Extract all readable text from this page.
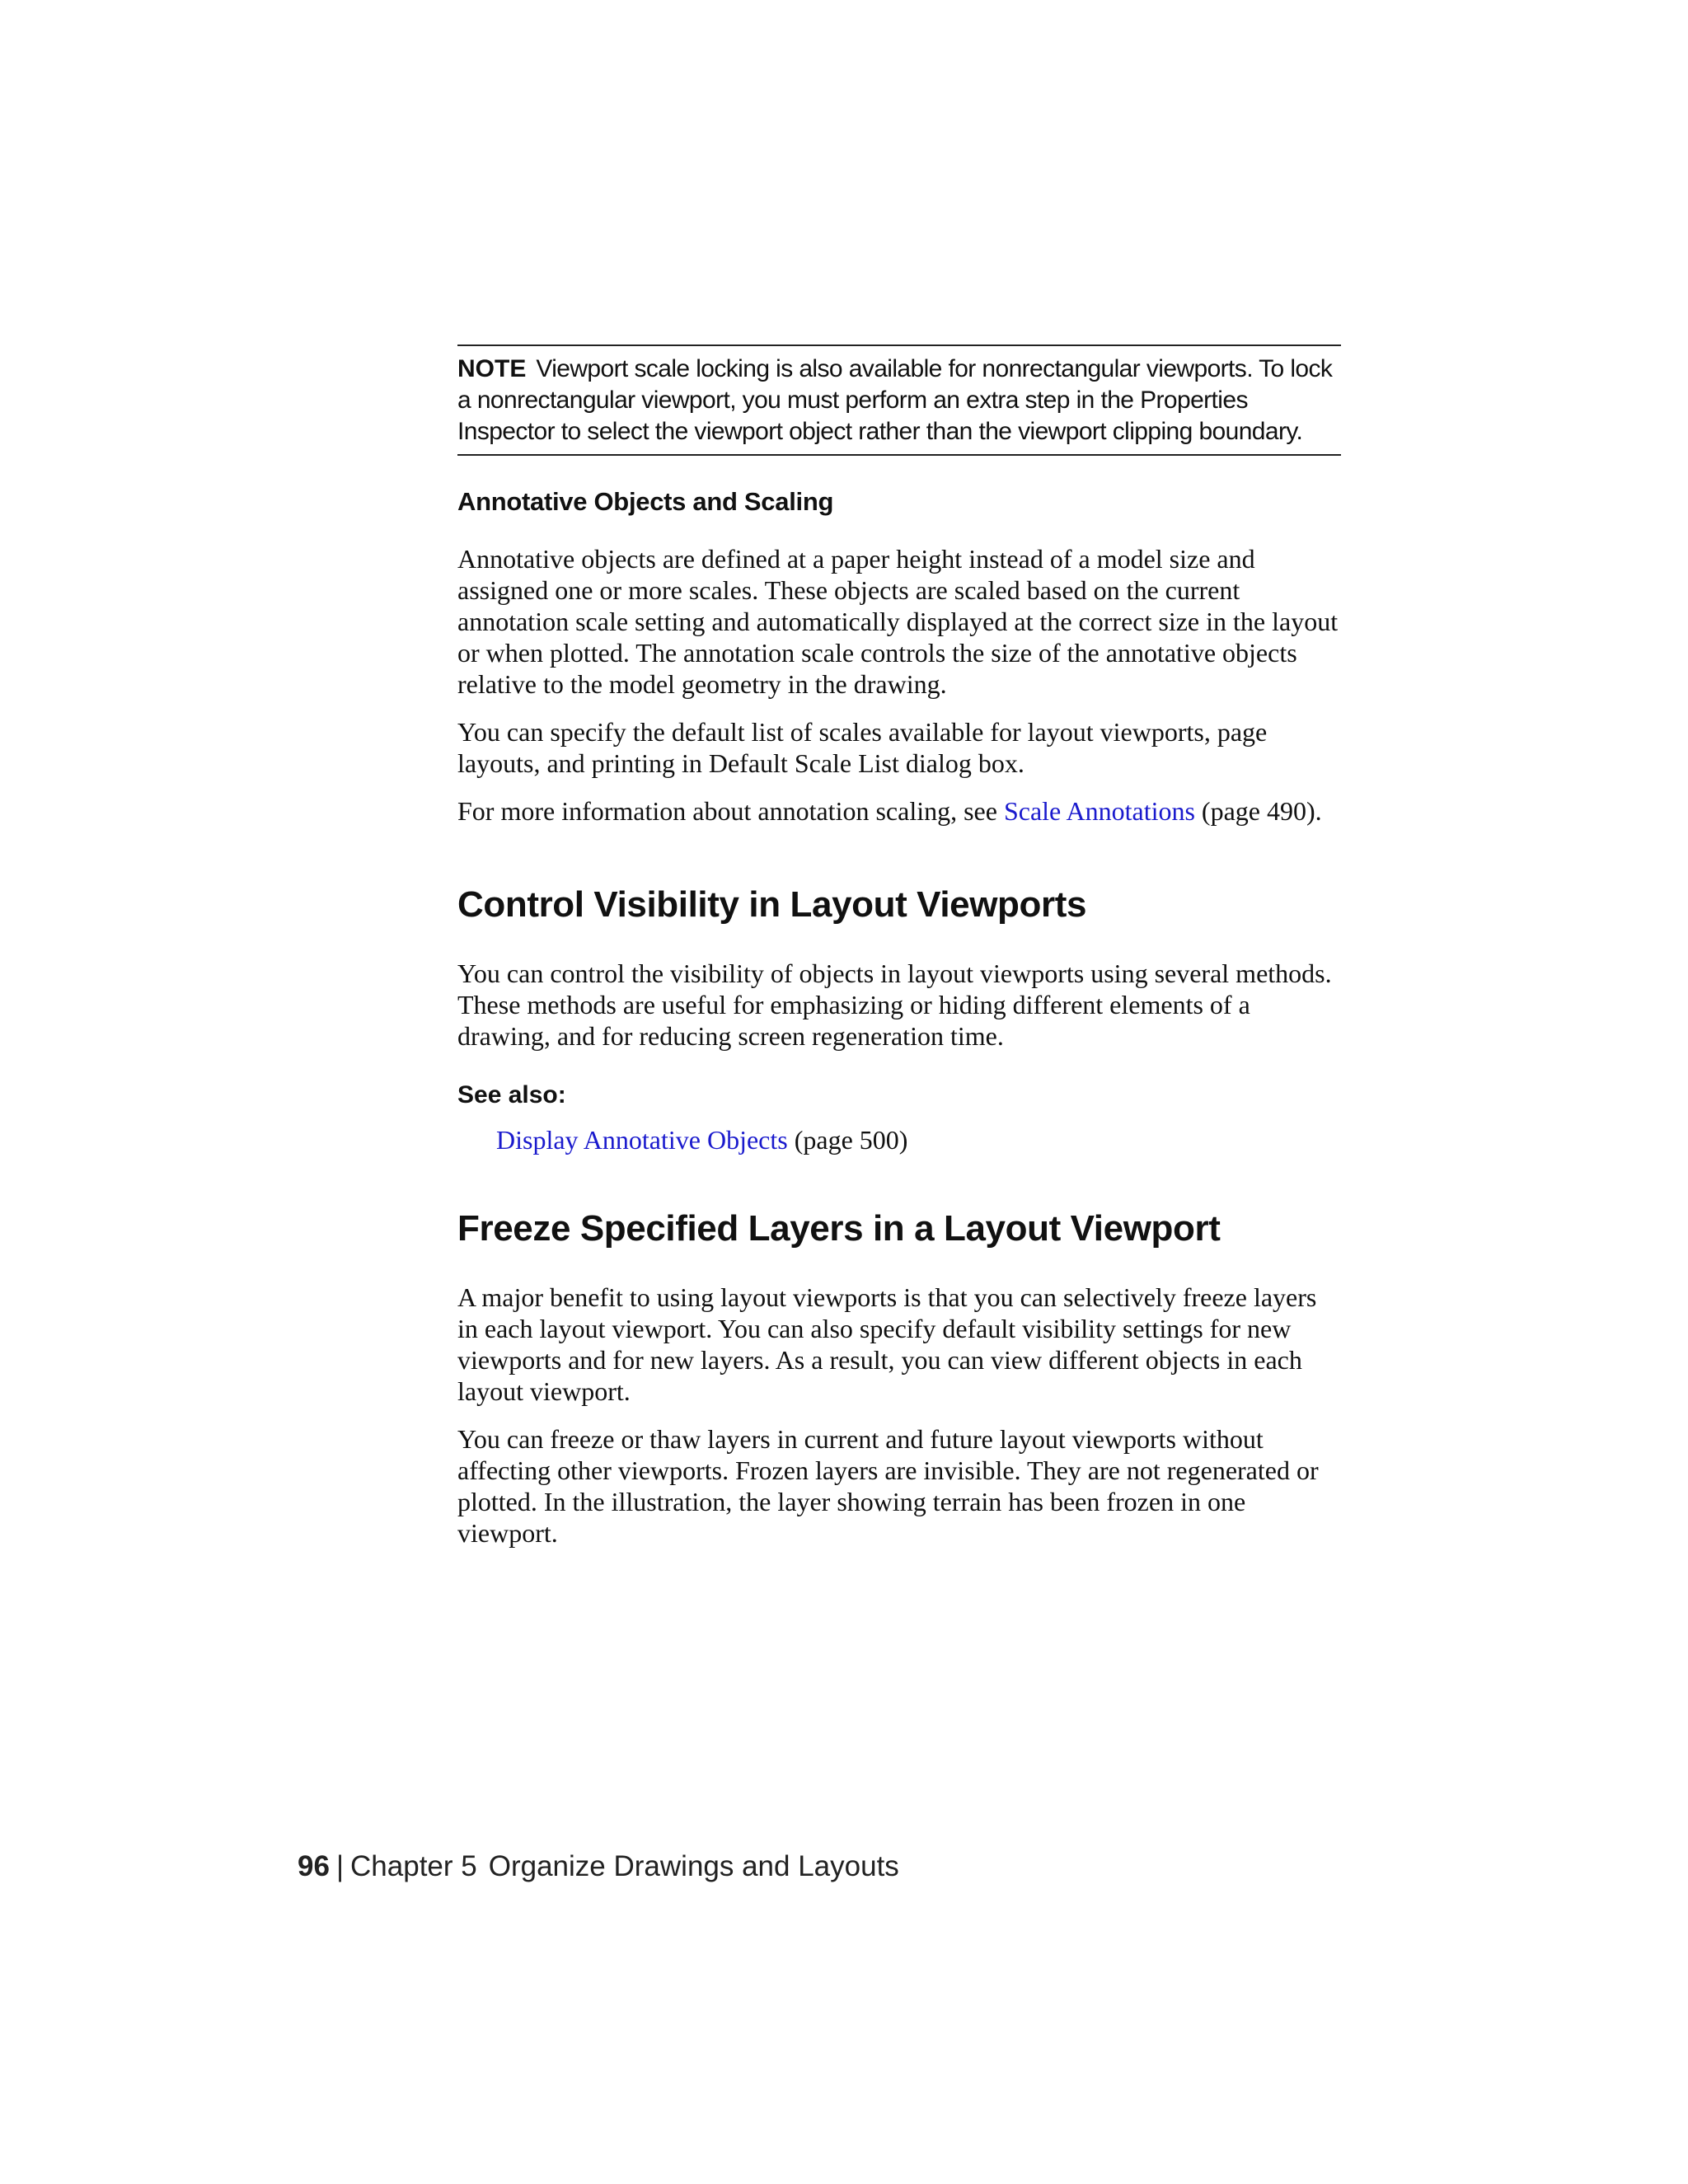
NOTE Viewport scale locking is also available for nonrectangular viewports. To lock a nonrectangular viewport, you must perform an extra step in the Properties Inspector to select the viewport object rather than the viewport clipping boundary.
Annotative Objects and Scaling

Annotative objects are defined at a paper height instead of a model size and assigned one or more scales. These objects are scaled based on the current annotation scale setting and automatically displayed at the correct size in the layout or when plotted. The annotation scale controls the size of the annotative objects relative to the model geometry in the drawing.

You can specify the default list of scales available for layout viewports, page layouts, and printing in Default Scale List dialog box.

For more information about annotation scaling, see Scale Annotations (page 490).

Control Visibility in Layout Viewports

You can control the visibility of objects in layout viewports using several methods. These methods are useful for emphasizing or hiding different elements of a drawing, and for reducing screen regeneration time.

See also:

Display Annotative Objects (page 500)

Freeze Specified Layers in a Layout Viewport

A major benefit to using layout viewports is that you can selectively freeze layers in each layout viewport. You can also specify default visibility settings for new viewports and for new layers. As a result, you can view different objects in each layout viewport.

You can freeze or thaw layers in current and future layout viewports without affecting other viewports. Frozen layers are invisible. They are not regenerated or plotted. In the illustration, the layer showing terrain has been frozen in one viewport.

96 | Chapter 5 Organize Drawings and Layouts
